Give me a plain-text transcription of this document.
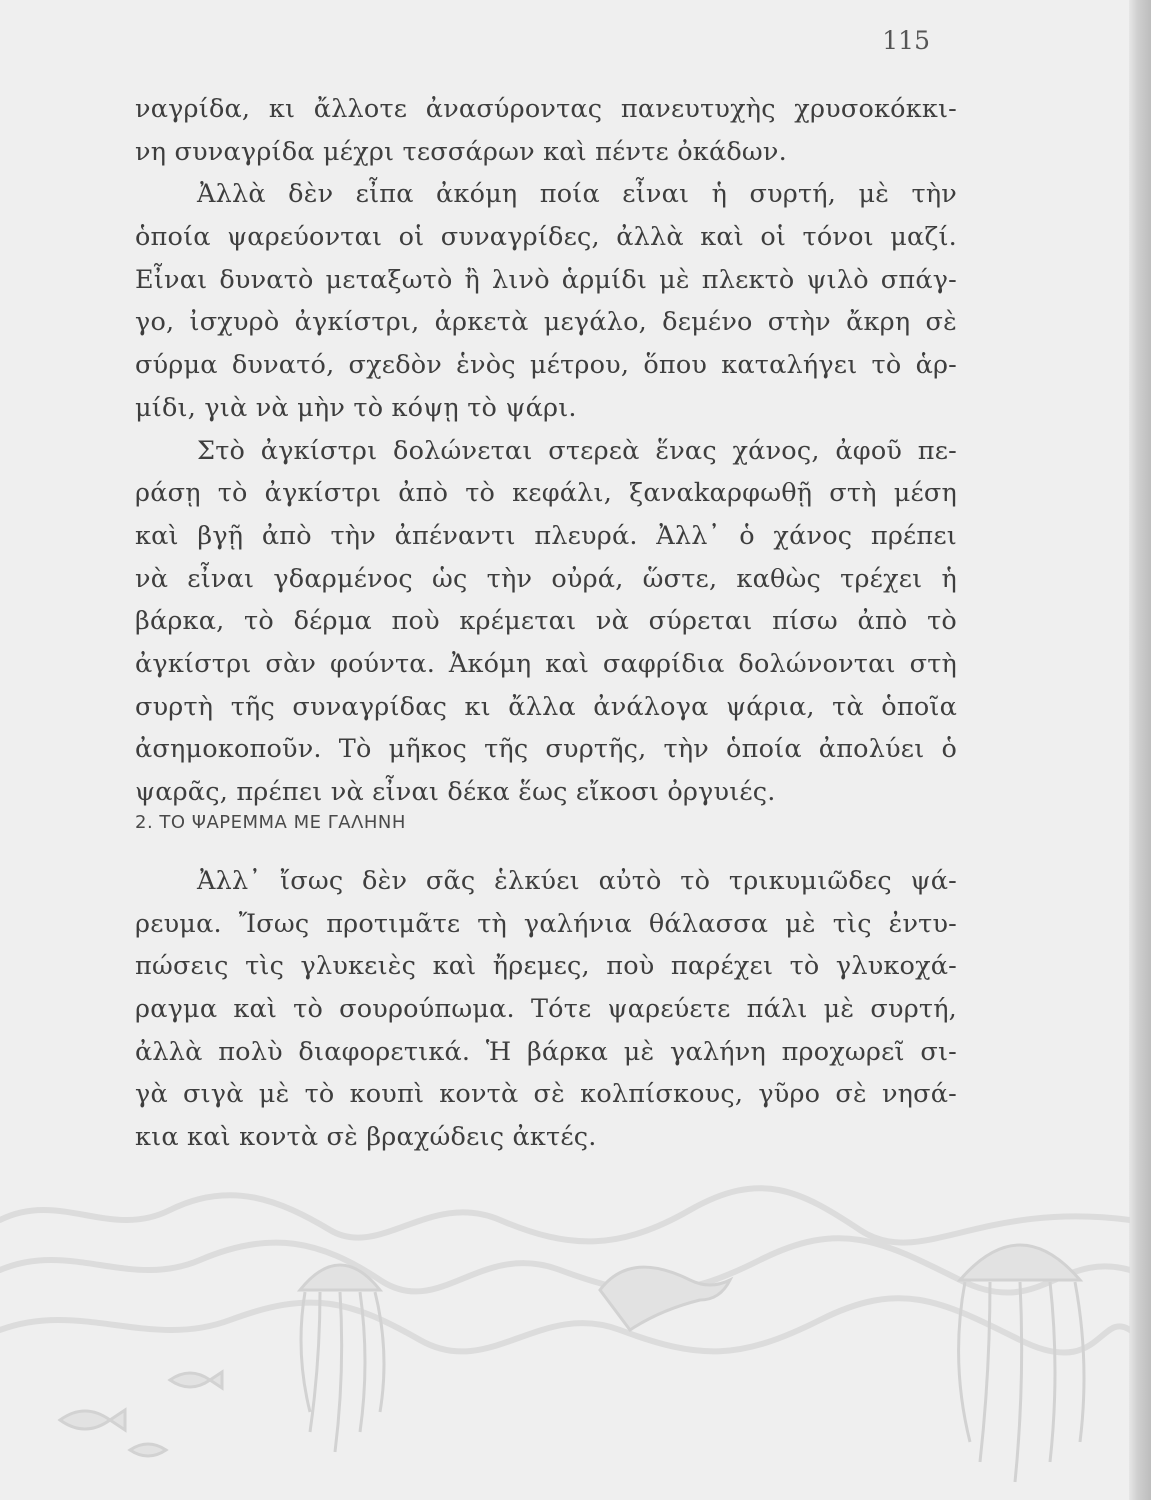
115
ναγρίδα, κι ἄλλοτε ἀνασύροντας πανευτυχὴς χρυσοκόκκι-
νη συναγρίδα μέχρι τεσσάρων καὶ πέντε ὀκάδων.
Ἀλλὰ δὲν εἶπα ἀκόμη ποία εἶναι ἡ συρτή, μὲ τὴν
ὁποία ψαρεύονται οἱ συναγρίδες, ἀλλὰ καὶ οἱ τόνοι μαζί.
Εἶναι δυνατὸ μεταξωτὸ ἢ λινὸ ἁρμίδι μὲ πλεκτὸ ψιλὸ σπάγ-
γο, ἰσχυρὸ ἀγκίστρι, ἀρκετὰ μεγάλο, δεμένο στὴν ἄκρη σὲ
σύρμα δυνατό, σχεδὸν ἑνὸς μέτρου, ὅπου καταλήγει τὸ ἁρ-
μίδι, γιὰ νὰ μὴν τὸ κόψῃ τὸ ψάρι.
Στὸ ἀγκίστρι δολώνεται στερεὰ ἕνας χάνος, ἀφοῦ πε-
ράσῃ τὸ ἀγκίστρι ἀπὸ τὸ κεφάλι, ξαναkαρφωθῇ στὴ μέση
καὶ βγῇ ἀπὸ τὴν ἀπέναντι πλευρά. Ἀλλ᾽ ὁ χάνος πρέπει
νὰ εἶναι γδαρμένος ὡς τὴν οὐρά, ὥστε, καθὼς τρέχει ἡ
βάρκα, τὸ δέρμα ποὺ κρέμεται νὰ σύρεται πίσω ἀπὸ τὸ
ἀγκίστρι σὰν φούντα. Ἀκόμη καὶ σαφρίδια δολώνονται στὴ
συρτὴ τῆς συναγρίδας κι ἄλλα ἀνάλογα ψάρια, τὰ ὁποῖα
ἀσημοκοποῦν. Τὸ μῆκος τῆς συρτῆς, τὴν ὁποία ἀπολύει ὁ
ψαρᾶς, πρέπει νὰ εἶναι δέκα ἕως εἴκοσι ὀργυιές.
2. ΤΟ ΨΑΡΕΜΜΑ ΜΕ ΓΑΛΗΝΗ
Ἀλλ᾽ ἴσως δὲν σᾶς ἑλκύει αὐτὸ τὸ τρικυμιῶδες ψά-
ρευμα. Ἴσως προτιμᾶτε τὴ γαλήνια θάλασσα μὲ τὶς ἐντυ-
πώσεις τὶς γλυκειὲς καὶ ἤρεμες, ποὺ παρέχει τὸ γλυκοχά-
ραγμα καὶ τὸ σουρούπωμα. Τότε ψαρεύετε πάλι μὲ συρτή,
ἀλλὰ πολὺ διαφορετικά. Ἡ βάρκα μὲ γαλήνη προχωρεῖ σι-
γὰ σιγὰ μὲ τὸ κουπὶ κοντὰ σὲ κολπίσκους, γῦρο σὲ νησά-
κια καὶ κοντὰ σὲ βραχώδεις ἀκτές.
